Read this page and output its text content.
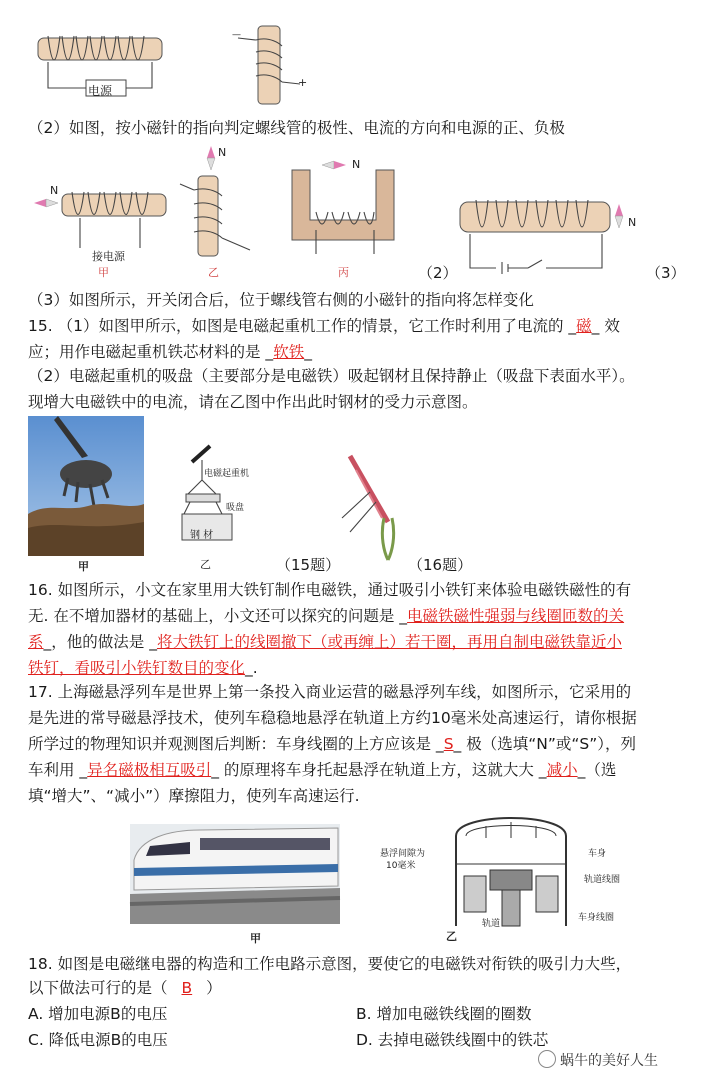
电源
—
+
（2）如图，按小磁针的指向判定螺线管的极性、电流的方向和电源的正、负极
N
接电源
甲
N
乙
N
丙	（2）
N
（3）
（3）如图所示，开关闭合后，位于螺线管右侧的小磁针的指向将怎样变化
15. （1）如图甲所示，如图是电磁起重机工作的情景，它工作时利用了电流的 _磁_ 效
应；用作电磁起重机铁芯材料的是 _软铁_
（2）电磁起重机的吸盘（主要部分是电磁铁）吸起钢材且保持静止（吸盘下表面水平）。
现增大电磁铁中的电流，请在乙图中作出此时钢材的受力示意图。
甲
电磁起重机
吸盘
钢 材
乙	（15题）	（16题）
16. 如图所示，小文在家里用大铁钉制作电磁铁，通过吸引小铁钉来体验电磁铁磁性的有
无. 在不增加器材的基础上，小文还可以探究的问题是 _电磁铁磁性强弱与线圈匝数的关
系_，他的做法是 _将大铁钉上的线圈撤下（或再缠上）若干圈，再用自制电磁铁靠近小
铁钉，看吸引小铁钉数目的变化_.
17. 上海磁悬浮列车是世界上第一条投入商业运营的磁悬浮列车线，如图所示，它采用的
是先进的常导磁悬浮技术，使列车稳稳地悬浮在轨道上方约10毫米处高速运行，请你根据
所学过的物理知识并观测图后判断：车身线圈的上方应该是 _S_ 极（选填“N”或“S”），列
车利用 _异名磁极相互吸引_ 的原理将车身托起悬浮在轨道上方，这就大大 _减小_（选
填“增大”、“减小”）摩擦阻力，使列车高速运行.
甲
悬浮间隙为
10毫米
车身
轨道线圈
轨道
车身线圈
乙
18. 如图是电磁继电器的构造和工作电路示意图，要使它的电磁铁对衔铁的吸引力大些，
以下做法可行的是（ B ）
A. 增加电源B的电压	B. 增加电磁铁线圈的圈数
C. 降低电源B的电压	D. 去掉电磁铁线圈中的铁芯
蜗牛的美好人生
